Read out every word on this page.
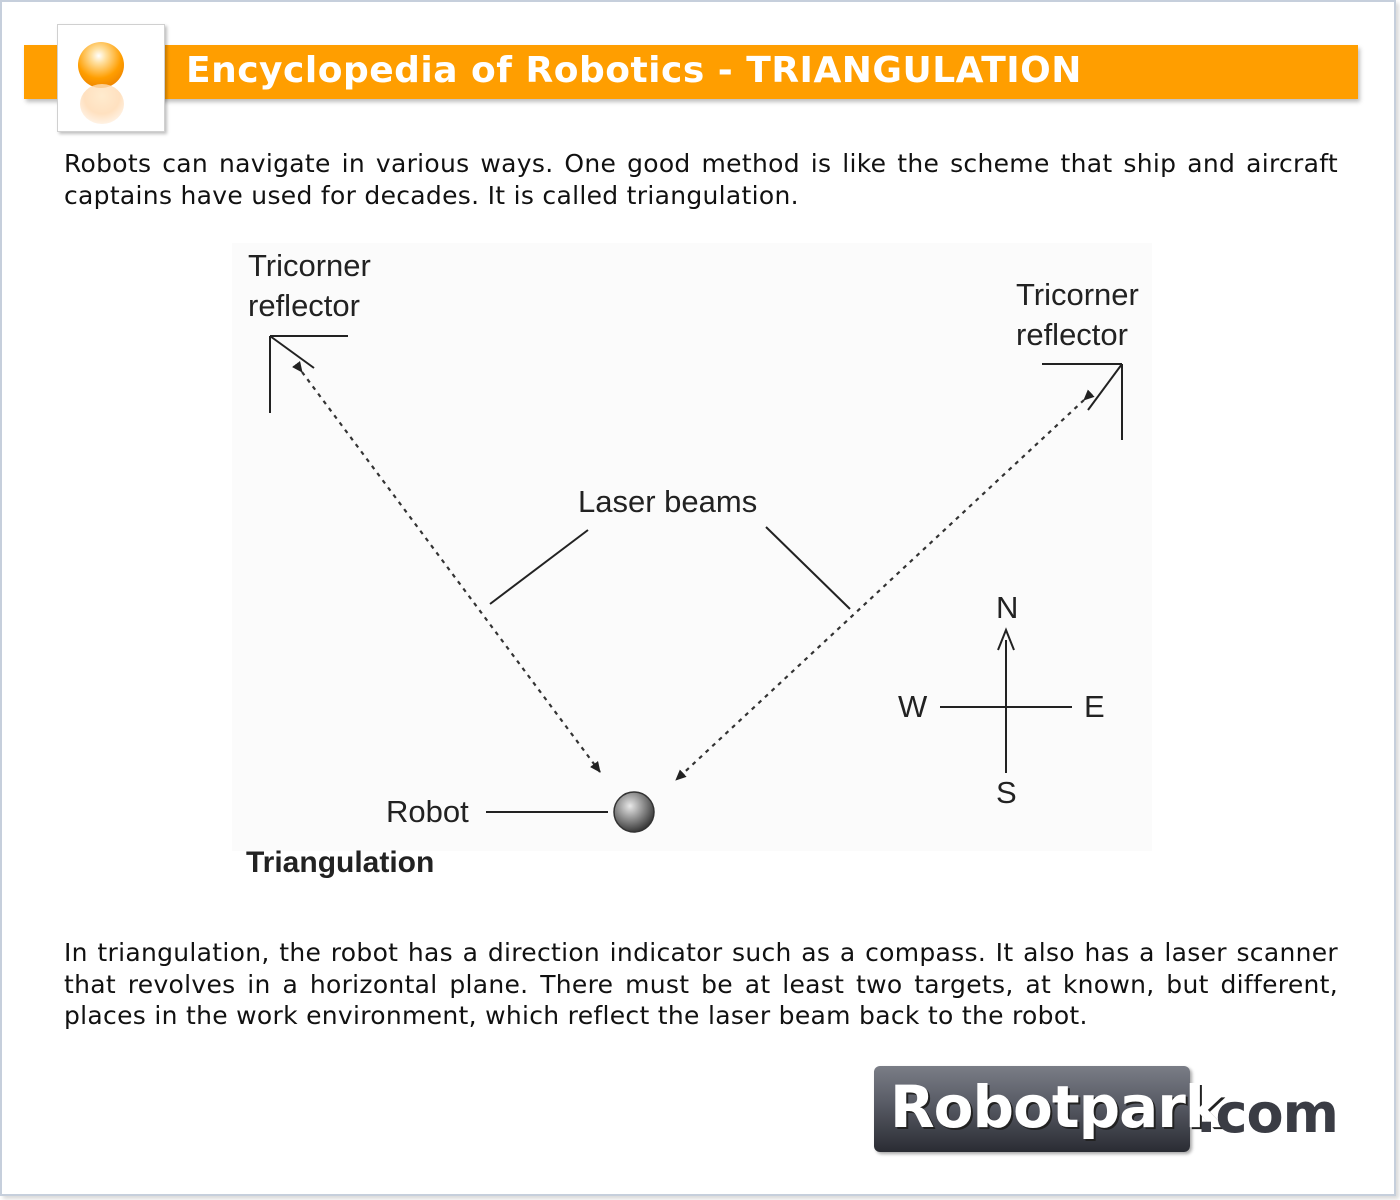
Encyclopedia of Robotics - TRIANGULATION
Robots can navigate in various ways. One good method is like the scheme that ship and aircraft captains have used for decades. It is called triangulation.
Tricorner
reflector	Tricorner
reflector
Laser beams
Robot
N
S
E
W
Triangulation
In triangulation, the robot has a direction indicator such as a compass. It also has a laser scanner that revolves in a horizontal plane. There must be at least two targets, at known, but different, places in the work environment, which reflect the laser beam back to the robot.
Robotpark
.com
